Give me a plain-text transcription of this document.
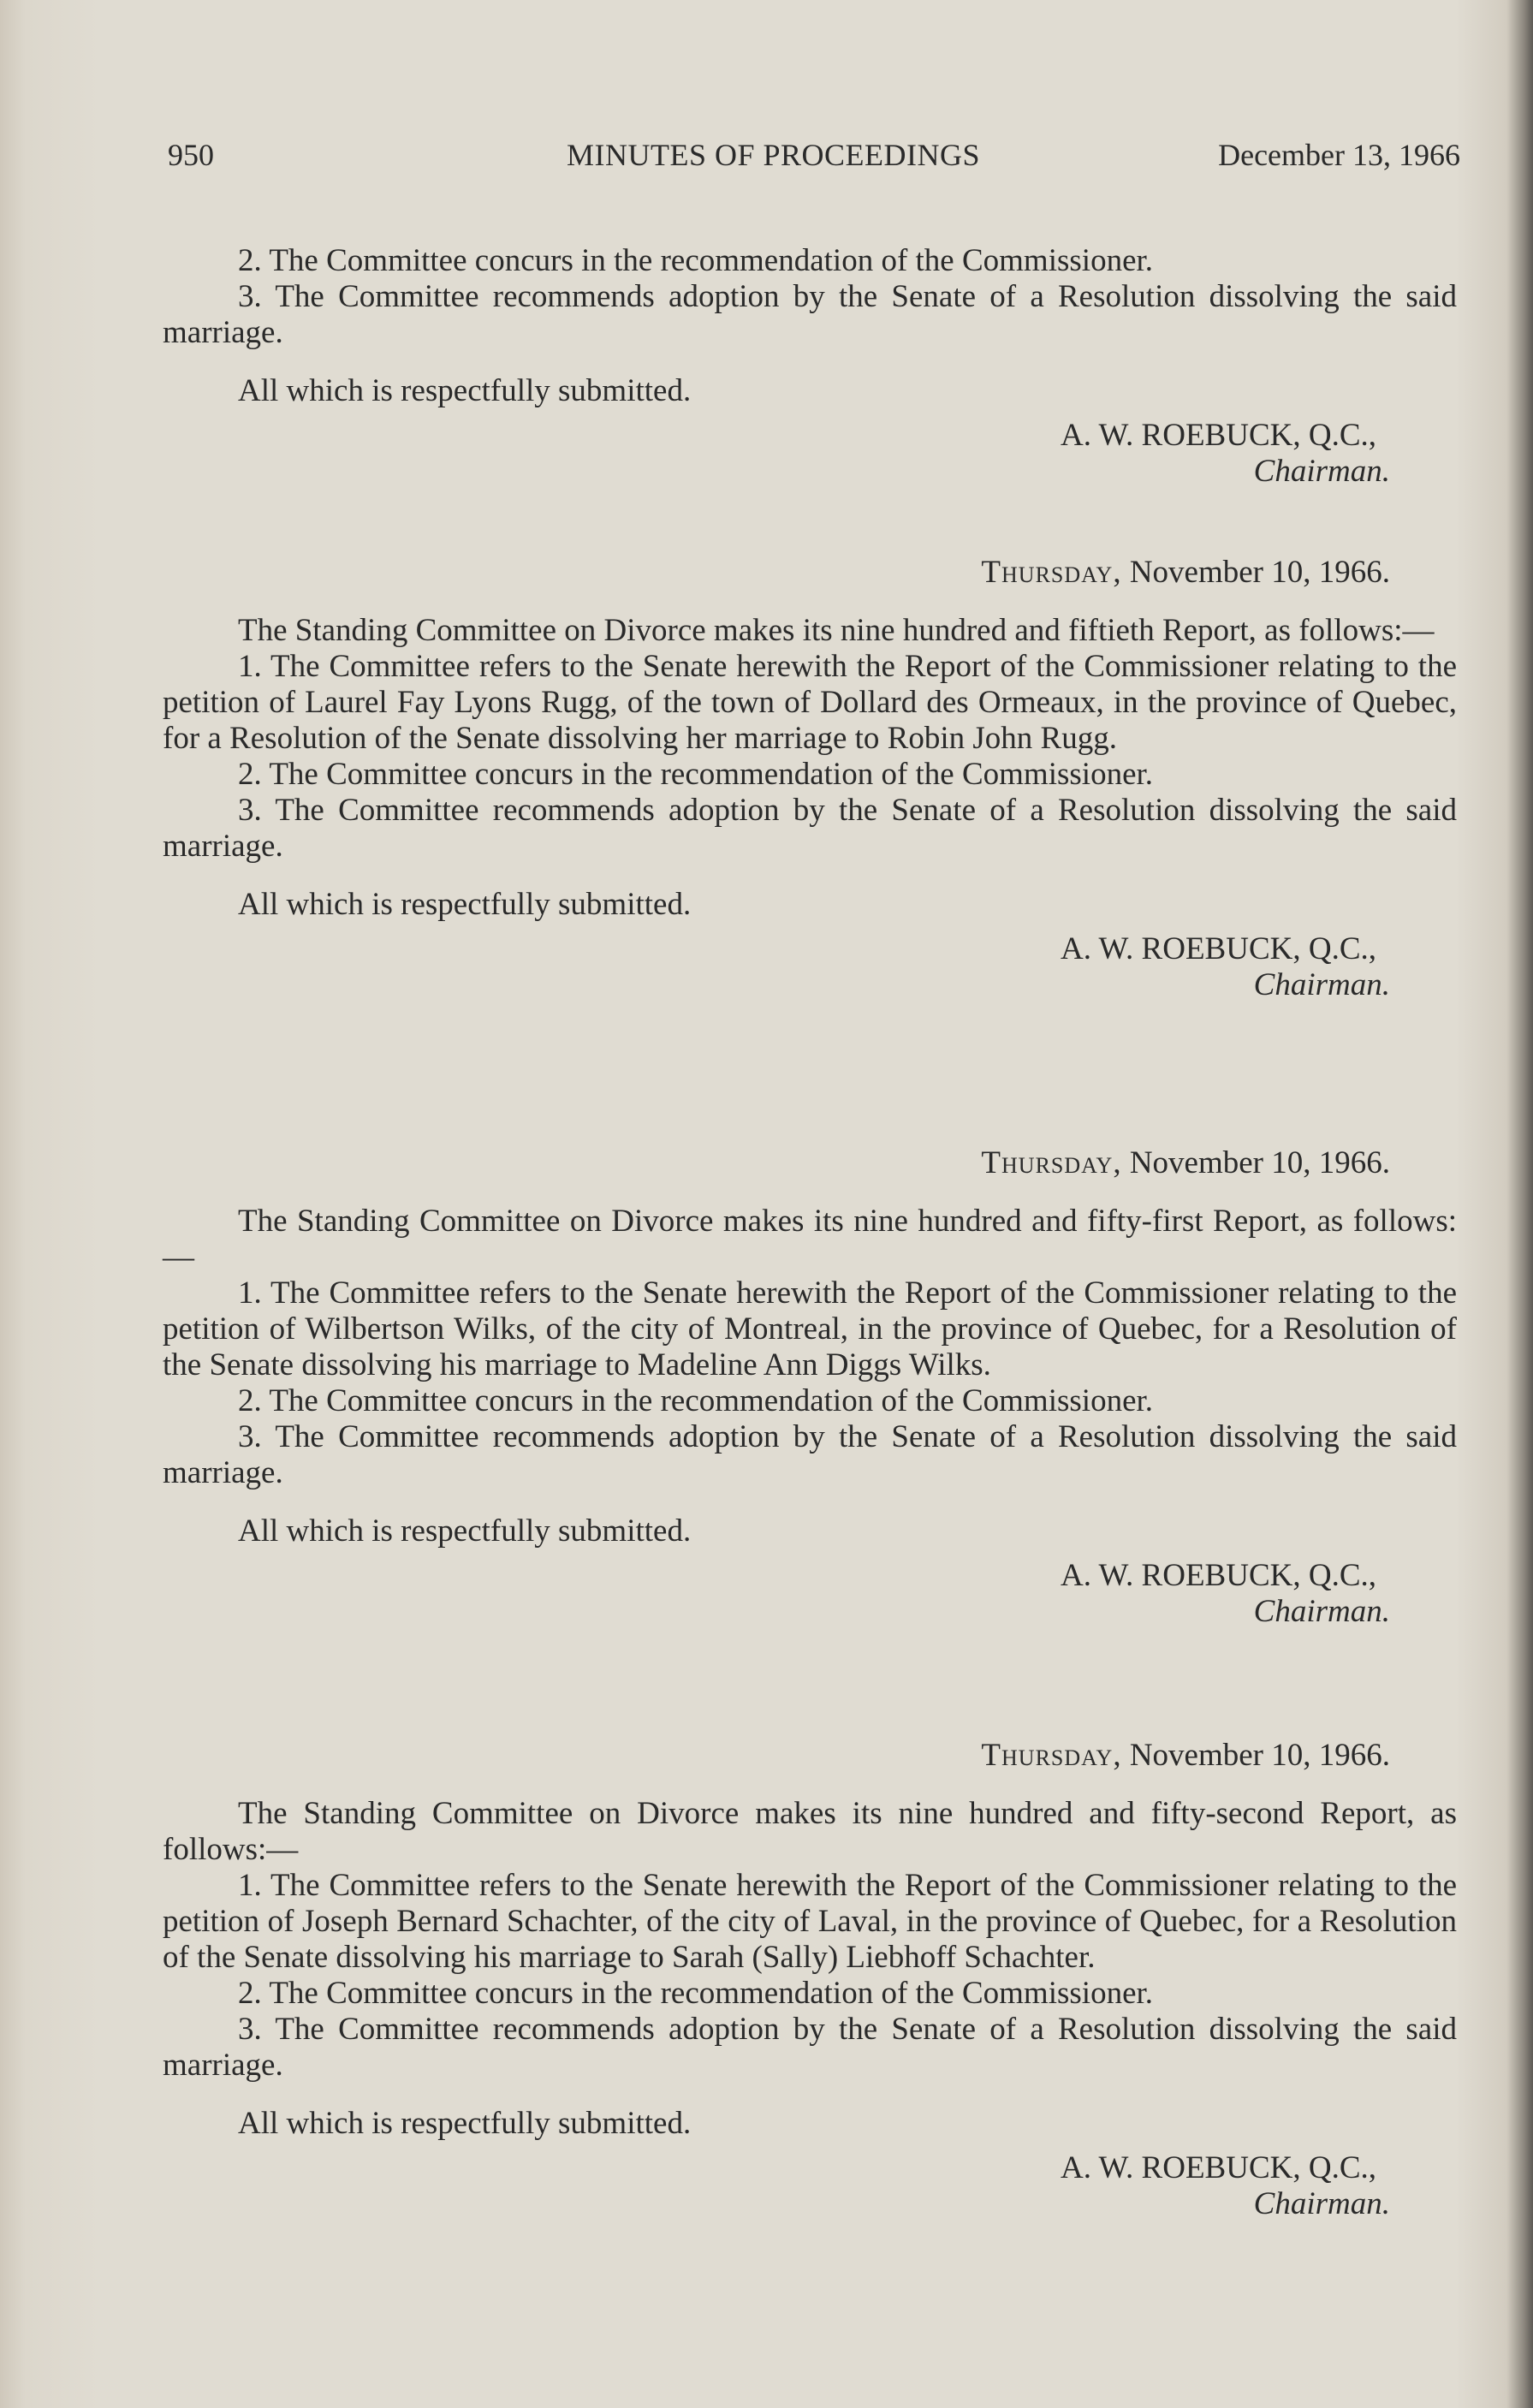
950	MINUTES OF PROCEEDINGS	December 13, 1966

2. The Committee concurs in the recommendation of the Commissioner.

3. The Committee recommends adoption by the Senate of a Resolution dissolving the said marriage.

All which is respectfully submitted.

A. W. ROEBUCK, Q.C.,

Chairman.

Thursday, November 10, 1966.

The Standing Committee on Divorce makes its nine hundred and fiftieth Report, as follows:—

1. The Committee refers to the Senate herewith the Report of the Commissioner relating to the petition of Laurel Fay Lyons Rugg, of the town of Dollard des Ormeaux, in the province of Quebec, for a Resolution of the Senate dissolving her marriage to Robin John Rugg.

2. The Committee concurs in the recommendation of the Commissioner.

3. The Committee recommends adoption by the Senate of a Resolution dissolving the said marriage.

All which is respectfully submitted.

A. W. ROEBUCK, Q.C.,

Chairman.

Thursday, November 10, 1966.

The Standing Committee on Divorce makes its nine hundred and fifty-first Report, as follows:—

1. The Committee refers to the Senate herewith the Report of the Commissioner relating to the petition of Wilbertson Wilks, of the city of Montreal, in the province of Quebec, for a Resolution of the Senate dissolving his marriage to Madeline Ann Diggs Wilks.

2. The Committee concurs in the recommendation of the Commissioner.

3. The Committee recommends adoption by the Senate of a Resolution dissolving the said marriage.

All which is respectfully submitted.

A. W. ROEBUCK, Q.C.,

Chairman.

Thursday, November 10, 1966.

The Standing Committee on Divorce makes its nine hundred and fifty-second Report, as follows:—

1. The Committee refers to the Senate herewith the Report of the Commissioner relating to the petition of Joseph Bernard Schachter, of the city of Laval, in the province of Quebec, for a Resolution of the Senate dissolving his marriage to Sarah (Sally) Liebhoff Schachter.

2. The Committee concurs in the recommendation of the Commissioner.

3. The Committee recommends adoption by the Senate of a Resolution dissolving the said marriage.

All which is respectfully submitted.

A. W. ROEBUCK, Q.C.,

Chairman.
